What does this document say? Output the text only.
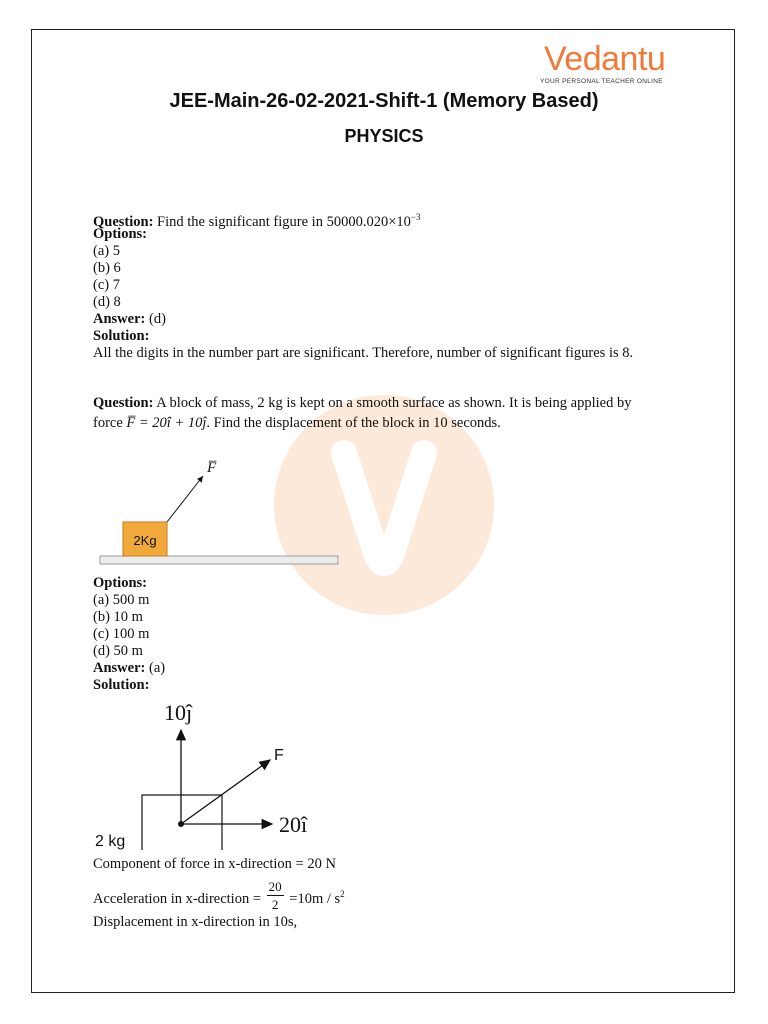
Vedantu
YOUR PERSONAL TEACHER ONLINE
JEE-Main-26-02-2021-Shift-1 (Memory Based)
PHYSICS
Question: Find the significant figure in $50000.020\times 10^{-3}$
Options:
(a) 5
(b) 6
(c) 7
(d) 8
Answer: (d)
Solution:
All the digits in the number part are significant. Therefore, number of significant figures is 8.
Question: A block of mass, 2 kg is kept on a smooth surface as shown. It is being applied by
force F̅ = 20î + 10ĵ. Find the displacement of the block in 10 seconds.
2Kg
F̅
Options:
(a) 500 m
(b) 10 m
(c) 100 m
(d) 50 m
Answer: (a)
Solution:
10ĵ
F
20î
2 kg
Component of force in x-direction = 20 N
Acceleration in x-direction = $\frac{20}{2} =10m / s^2$
Displacement in x-direction in 10s,
